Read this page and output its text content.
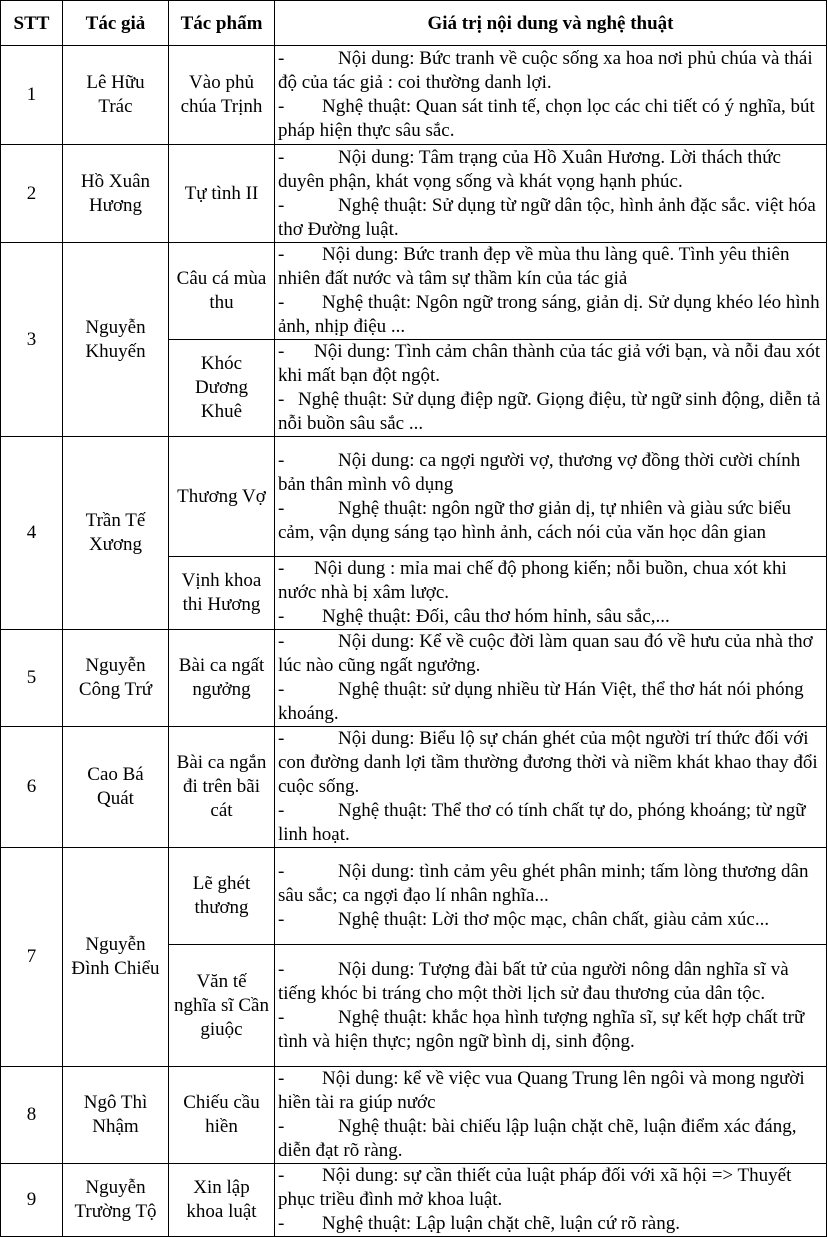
STT	Tác giả	Tác phẩm	Giá trị nội dung và nghệ thuật
1	Lê Hữu Trác	Vào phủ chúa Trịnh	- Nội dung: Bức tranh về cuộc sống xa hoa nơi phủ chúa và thái độ của tác giả : coi thường danh lợi.
- Nghệ thuật: Quan sát tinh tế, chọn lọc các chi tiết có ý nghĩa, bút pháp hiện thực sâu sắc.

2	Hồ Xuân Hương	Tự tình II	- Nội dung: Tâm trạng của Hồ Xuân Hương. Lời thách thức duyên phận, khát vọng sống và khát vọng hạnh phúc.
- Nghệ thuật: Sử dụng từ ngữ dân tộc, hình ảnh đặc sắc. việt hóa thơ Đường luật.

3	Nguyễn Khuyến	Câu cá mùa thu	- Nội dung: Bức tranh đẹp về mùa thu làng quê. Tình yêu thiên nhiên đất nước và tâm sự thầm kín của tác giả
- Nghệ thuật: Ngôn ngữ trong sáng, giản dị. Sử dụng khéo léo hình ảnh, nhịp điệu ...

		Khóc Dương Khuê	- Nội dung: Tình cảm chân thành của tác giả với bạn, và nỗi đau xót khi mất bạn đột ngột.
- Nghệ thuật: Sử dụng điệp ngữ. Giọng điệu, từ ngữ sinh động, diễn tả nỗi buồn sâu sắc ...

4	Trần Tế Xương	Thương Vợ	- Nội dung: ca ngợi người vợ, thương vợ đồng thời cười chính bản thân mình vô dụng
- Nghệ thuật: ngôn ngữ thơ giản dị, tự nhiên và giàu sức biểu cảm, vận dụng sáng tạo hình ảnh, cách nói của văn học dân gian

		Vịnh khoa thi Hương	- Nội dung : mỉa mai chế độ phong kiến; nỗi buồn, chua xót khi nước nhà bị xâm lược.
- Nghệ thuật: Đối, câu thơ hóm hỉnh, sâu sắc,...

5	Nguyễn Công Trứ	Bài ca ngất ngưởng	- Nội dung: Kể về cuộc đời làm quan sau đó về hưu của nhà thơ lúc nào cũng ngất ngưởng.
- Nghệ thuật: sử dụng nhiều từ Hán Việt, thể thơ hát nói phóng khoáng.

6	Cao Bá Quát	Bài ca ngắn đi trên bãi cát	- Nội dung: Biểu lộ sự chán ghét của một người trí thức đối với con đường danh lợi tầm thường đương thời và niềm khát khao thay đổi cuộc sống.
- Nghệ thuật: Thể thơ có tính chất tự do, phóng khoáng; từ ngữ linh hoạt.

7	Nguyễn Đình Chiểu	Lẽ ghét thương	- Nội dung: tình cảm yêu ghét phân minh; tấm lòng thương dân sâu sắc; ca ngợi đạo lí nhân nghĩa...
- Nghệ thuật: Lời thơ mộc mạc, chân chất, giàu cảm xúc...

		Văn tế nghĩa sĩ Cần giuộc	- Nội dung: Tượng đài bất tử của người nông dân nghĩa sĩ và tiếng khóc bi tráng cho một thời lịch sử đau thương của dân tộc.
- Nghệ thuật: khắc họa hình tượng nghĩa sĩ, sự kết hợp chất trữ tình và hiện thực; ngôn ngữ bình dị, sinh động.

8	Ngô Thì Nhậm	Chiếu cầu hiền	- Nội dung: kể về việc vua Quang Trung lên ngôi và mong người hiền tài ra giúp nước
- Nghệ thuật: bài chiếu lập luận chặt chẽ, luận điểm xác đáng, diễn đạt rõ ràng.

9	Nguyễn Trường Tộ	Xin lập khoa luật	- Nội dung: sự cần thiết của luật pháp đối với xã hội => Thuyết phục triều đình mở khoa luật.
- Nghệ thuật: Lập luận chặt chẽ, luận cứ rõ ràng.
